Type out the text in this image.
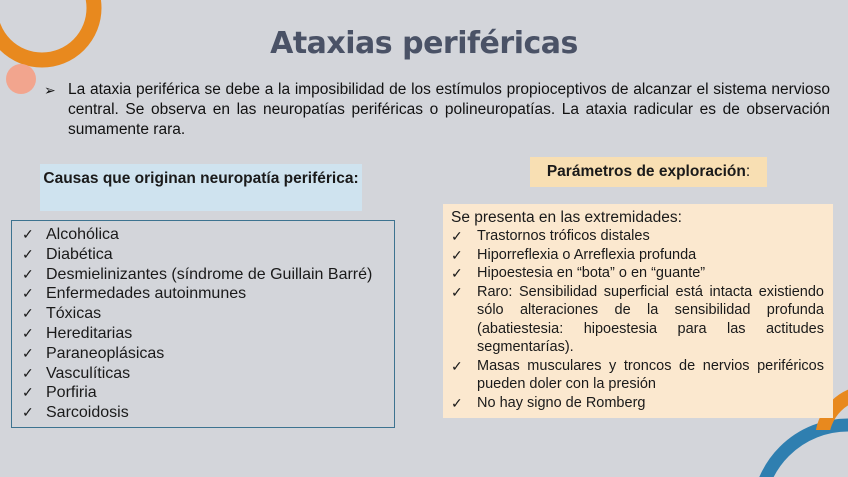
Ataxias periféricas
➢ La ataxia periférica se debe a la imposibilidad de los estímulos propioceptivos de alcanzar el sistema nervioso central. Se observa en las neuropatías periféricas o polineuropatías. La ataxia radicular es de observación sumamente rara.
Causas que originan neuropatía periférica:
✓ Alcohólica
✓ Diabética
✓ Desmielinizantes (síndrome de Guillain Barré)
✓ Enfermedades autoinmunes
✓ Tóxicas
✓ Hereditarias
✓ Paraneoplásicas
✓ Vasculíticas
✓ Porfiria
✓ Sarcoidosis
Parámetros de exploración:
Se presenta en las extremidades:
✓ Trastornos tróficos distales
✓ Hiporreflexia o Arreflexia profunda
✓ Hipoestesia en “bota” o en “guante”
✓ Raro: Sensibilidad superficial está intacta existiendo sólo alteraciones de la sensibilidad profunda (abatiestesia: hipoestesia para las actitudes segmentarías).
✓ Masas musculares y troncos de nervios periféricos pueden doler con la presión
✓ No hay signo de Romberg
